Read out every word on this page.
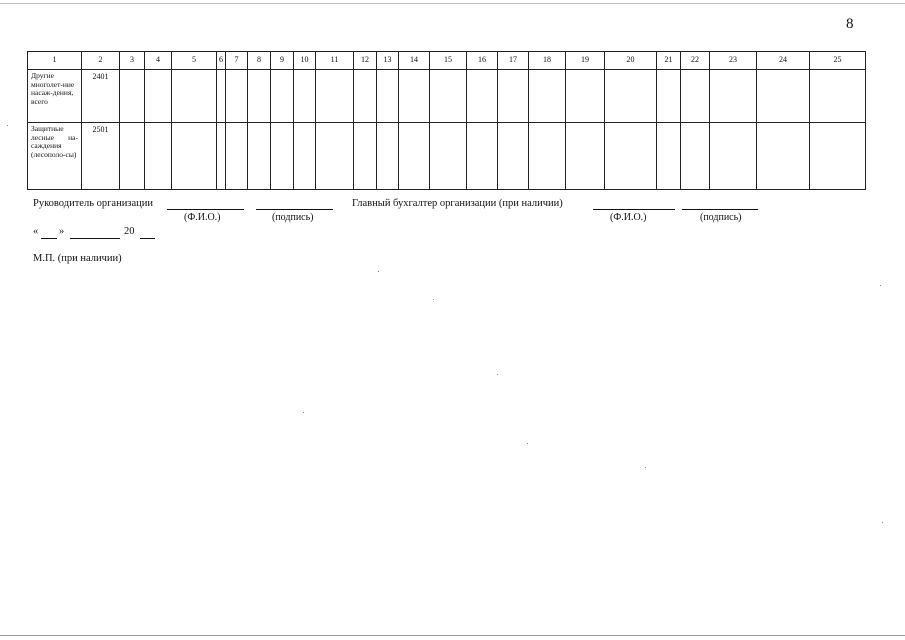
8
1	2	3	4	5	6	7	8	9	10	11	12	13	14	15	16	17	18	19	20	21	22	23	24	25
Другие многолет-ние насаж-дения, всего	2401																							
Защитные лесные на-саждения (лесополо-сы)	2501																							
Руководитель организации
(Ф.И.О.)	(подпись)
Главный бухгалтер организации (при наличии)
(Ф.И.О.)	(подпись)
« »	20
М.П. (при наличии)
